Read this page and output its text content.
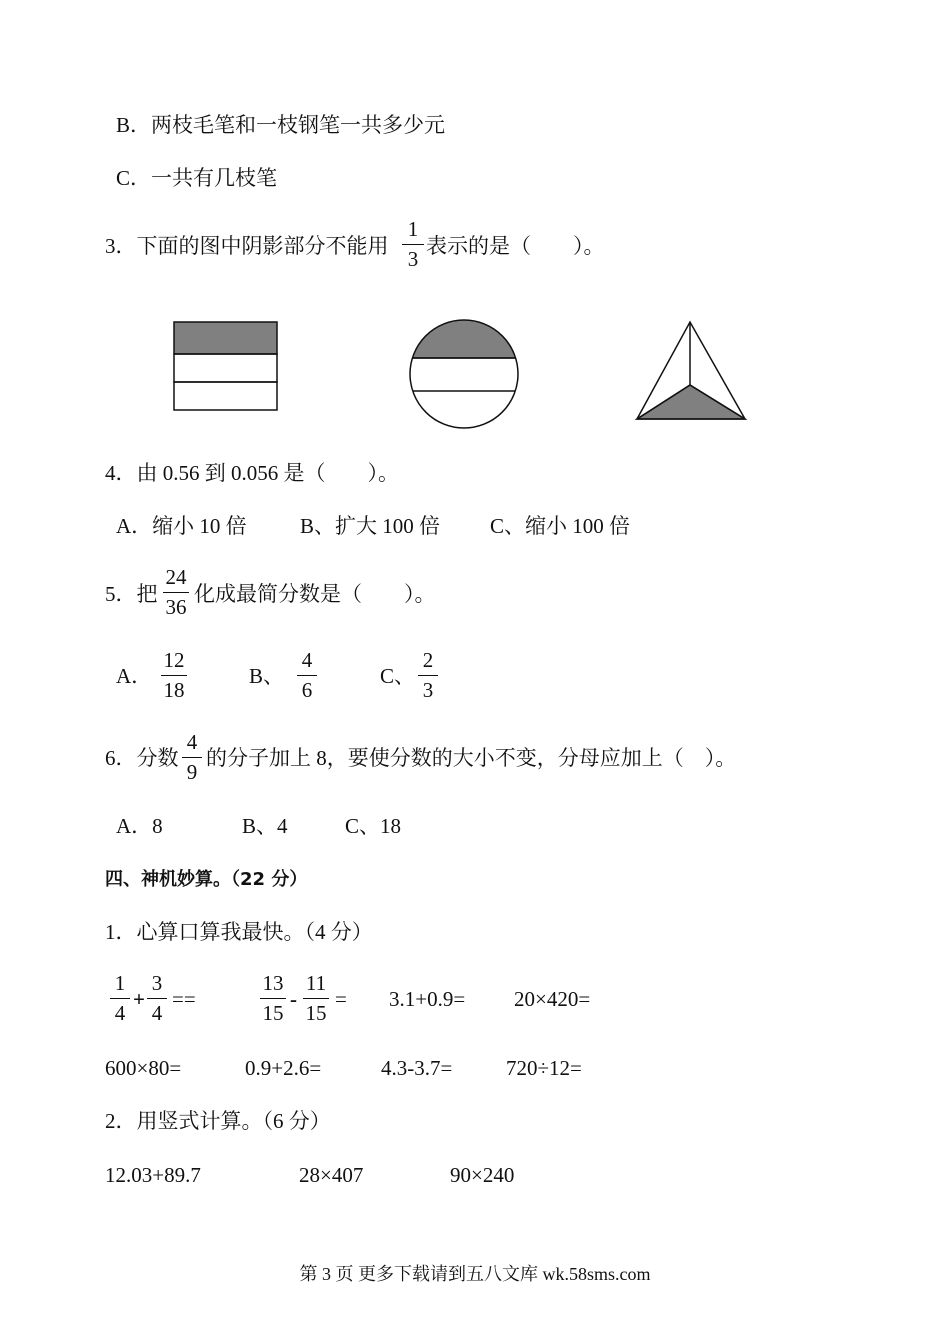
B．两枝毛笔和一枝钢笔一共多少元
C．一共有几枝笔
3．下面的图中阴影部分不能用
1
3
表示的是（　　）。
4．由 0.56 到 0.056 是（　　）。
A．缩小 10 倍	B、扩大 100 倍 C、缩小 100 倍
5．把
24
36
化成最简分数是（　　）。
A．
12
18
B、
4
6
C、
2
3
6．分数
4
9
的分子加上 8，要使分数的大小不变，分母应加上（　）。
A．8	B、4	C、18
四、神机妙算。（22 分）
1．心算口算我最快。（4 分）
1
4
+
3
4
==
13
15
-
11
15
= 3.1+0.9= 20×420=
600×80=	0.9+2.6=	4.3-3.7=	720÷12=
2．用竖式计算。（6 分）
12.03+89.7	28×407	90×240
第 3 页 更多下载请到五八文库 wk.58sms.com
